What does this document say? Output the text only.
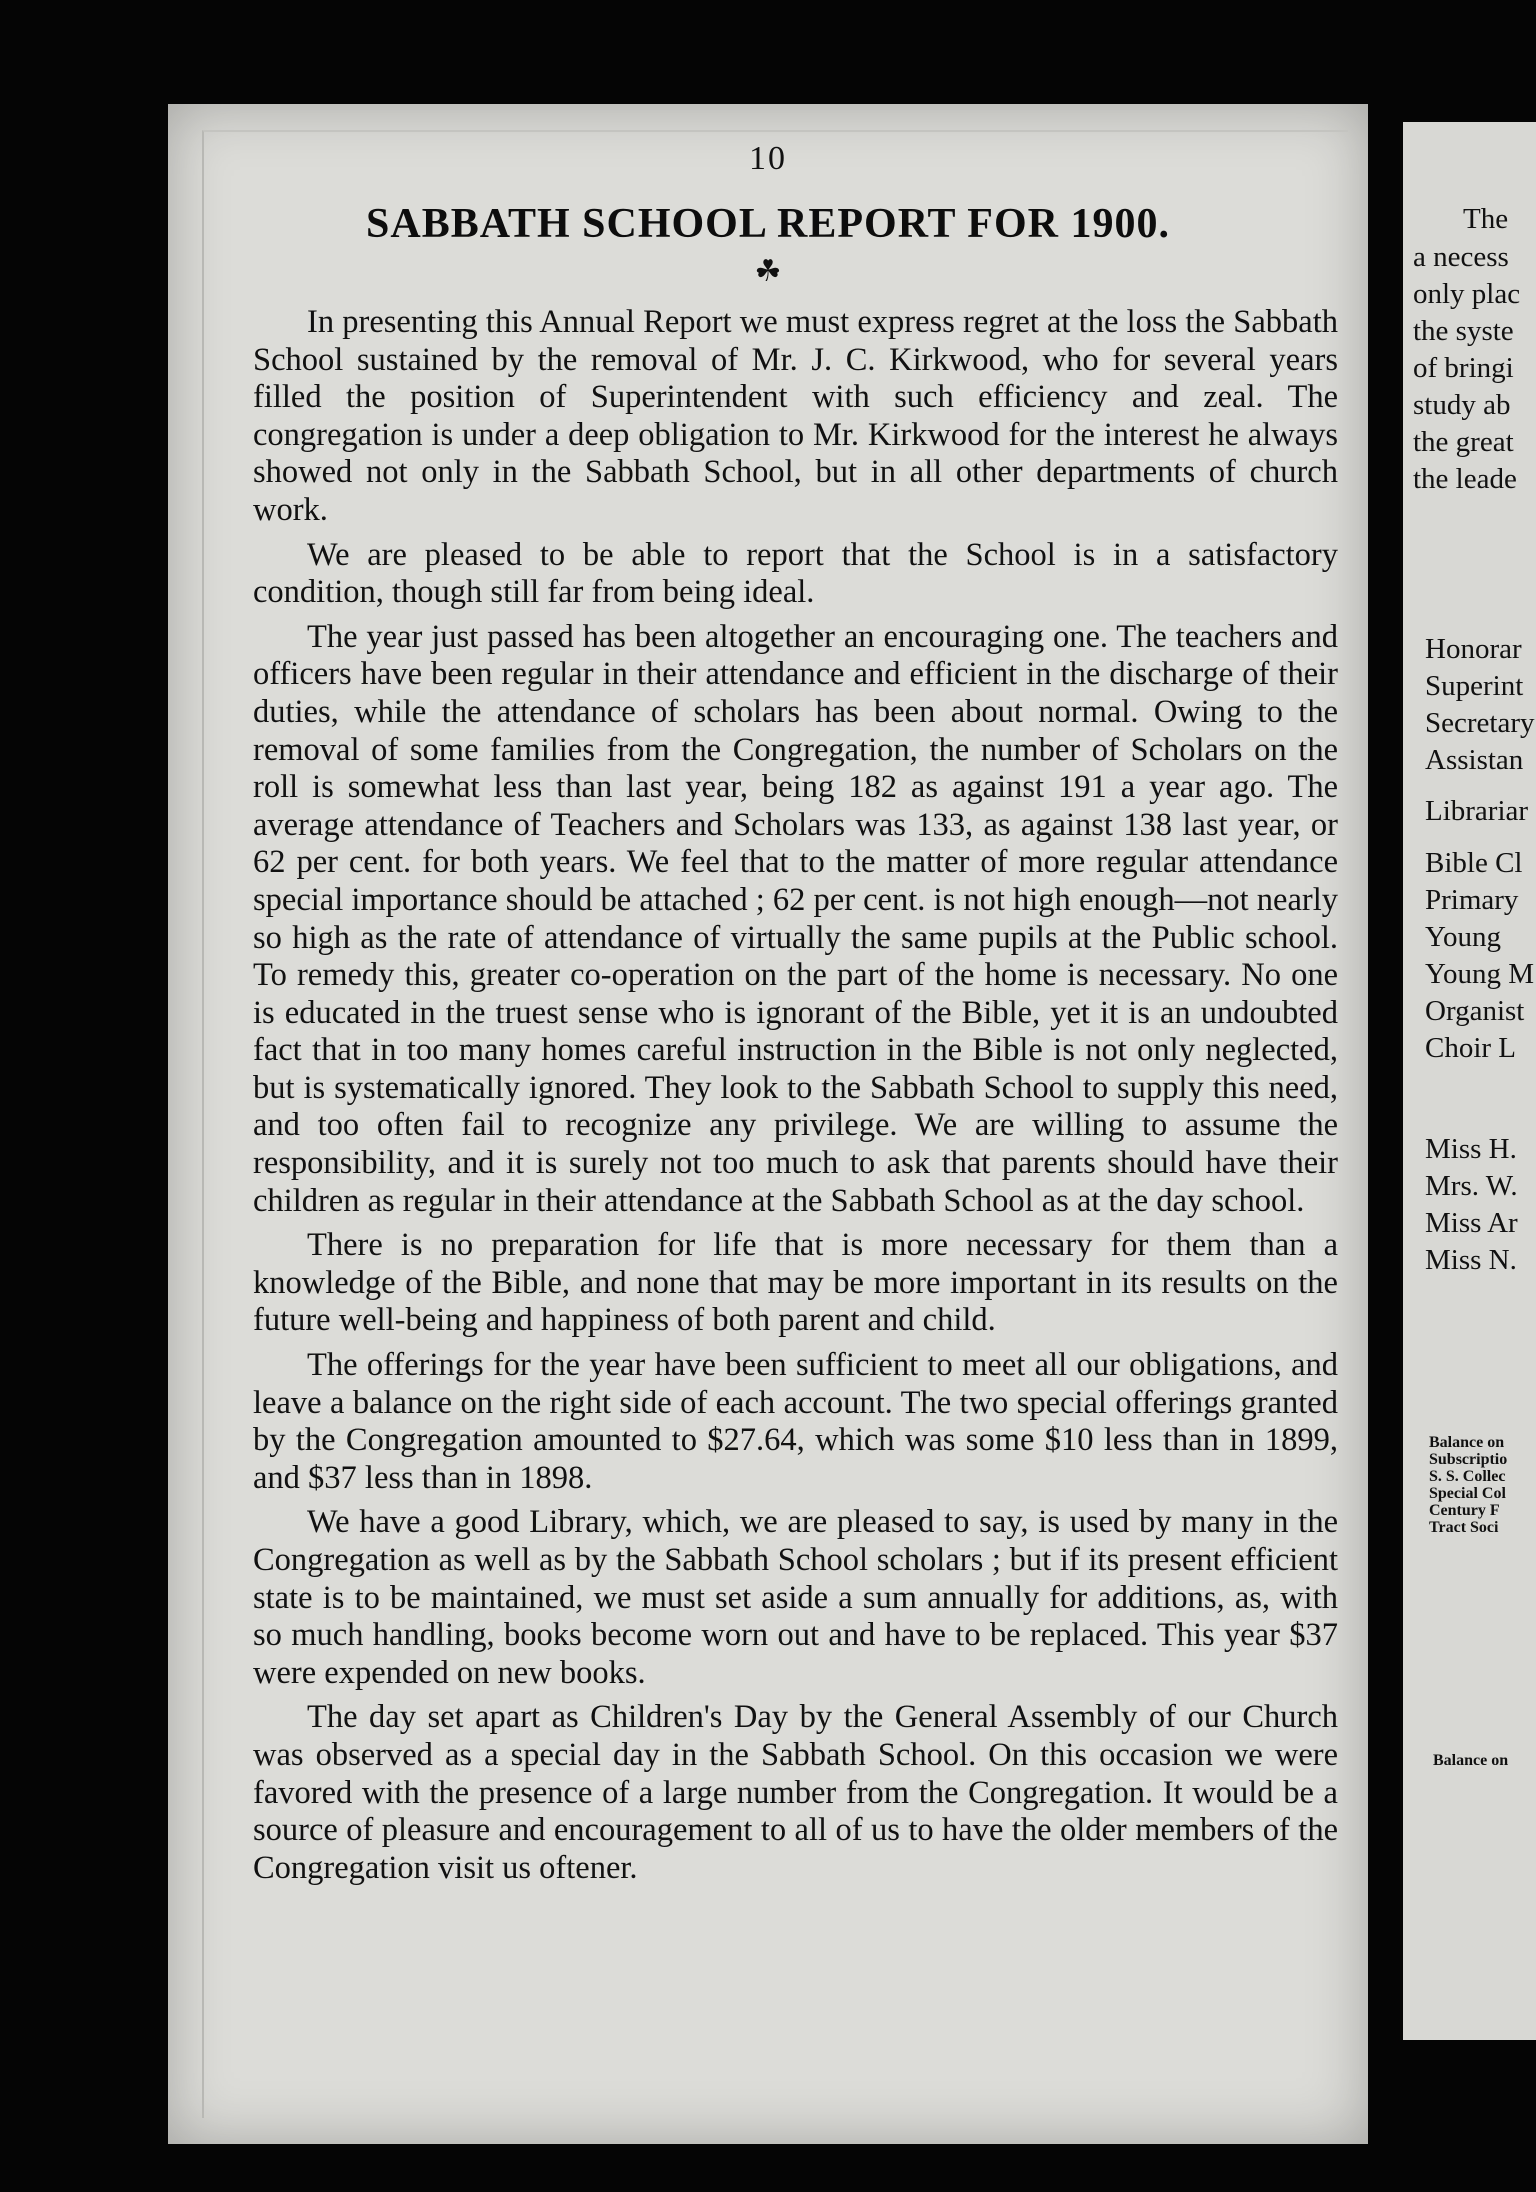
10
SABBATH SCHOOL REPORT FOR 1900.
☘

In presenting this Annual Report we must express regret at the loss the Sabbath School sustained by the removal of Mr. J. C. Kirkwood, who for several years filled the position of Superintendent with such efficiency and zeal. The congregation is under a deep obligation to Mr. Kirkwood for the interest he always showed not only in the Sabbath School, but in all other departments of church work.

We are pleased to be able to report that the School is in a satisfactory condition, though still far from being ideal.

The year just passed has been altogether an encouraging one. The teachers and officers have been regular in their attendance and efficient in the discharge of their duties, while the attendance of scholars has been about normal. Owing to the removal of some families from the Congregation, the number of Scholars on the roll is somewhat less than last year, being 182 as against 191 a year ago. The average attendance of Teachers and Scholars was 133, as against 138 last year, or 62 per cent. for both years. We feel that to the matter of more regular attendance special importance should be attached ; 62 per cent. is not high enough—not nearly so high as the rate of attendance of virtually the same pupils at the Public school. To remedy this, greater co-operation on the part of the home is necessary. No one is educated in the truest sense who is ignorant of the Bible, yet it is an undoubted fact that in too many homes careful instruction in the Bible is not only neglected, but is systematically ignored. They look to the Sabbath School to supply this need, and too often fail to recognize any privilege. We are willing to assume the responsibility, and it is surely not too much to ask that parents should have their children as regular in their attendance at the Sabbath School as at the day school.

There is no preparation for life that is more necessary for them than a knowledge of the Bible, and none that may be more important in its results on the future well-being and happiness of both parent and child.

The offerings for the year have been sufficient to meet all our obligations, and leave a balance on the right side of each account. The two special offerings granted by the Congregation amounted to $27.64, which was some $10 less than in 1899, and $37 less than in 1898.

We have a good Library, which, we are pleased to say, is used by many in the Congregation as well as by the Sabbath School scholars ; but if its present efficient state is to be maintained, we must set aside a sum annually for additions, as, with so much handling, books become worn out and have to be replaced. This year $37 were expended on new books.

The day set apart as Children's Day by the General Assembly of our Church was observed as a special day in the Sabbath School. On this occasion we were favored with the presence of a large number from the Congregation. It would be a source of pleasure and encouragement to all of us to have the older members of the Congregation visit us oftener.

The
a necess
only plac
the syste
of bringi
study ab
the great
the leade
Honorar
Superint
Secretary
Assistan
Librariar
Bible Cl
Primary
Young
Young M
Organist
Choir L
Miss H.
Mrs. W.
Miss Ar
Miss N.
Balance on
Subscriptio
S. S. Collec
Special Col
Century F
Tract Soci
Balance on
